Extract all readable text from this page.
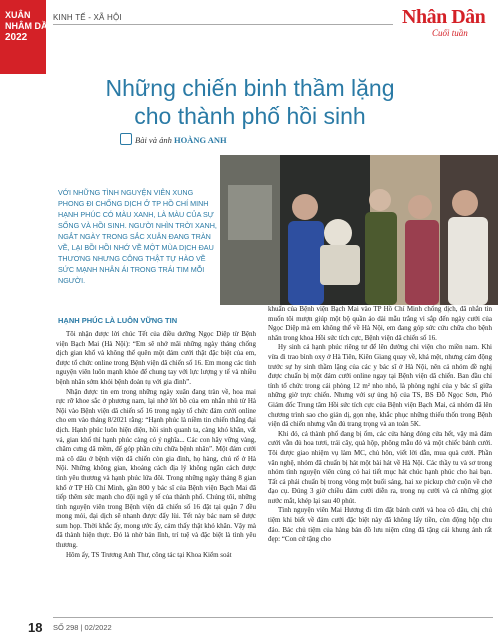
XUÂN
NHÂM DẦN
2022
KINH TẾ - XÃ HỘI	Nhân Dân
Cuối tuần
Những chiến binh thầm lặng cho thành phố hồi sinh
Bài và ảnh HOÀNG ANH
VỚI NHỮNG TÌNH NGUYỆN VIÊN XUNG PHONG ĐI CHỐNG DỊCH Ở TP HỒ CHÍ MINH HẠNH PHÚC CÓ MÀU XANH, LÀ MÀU CỦA SỰ SỐNG VÀ HỒI SINH. NGƯỜI NHÌN TRỜI XANH, NGẮT NGÀY TRONG SẮC XUÂN ĐANG TRÀN VỀ, LẠI BỒI HỒI NHỚ VỀ MỘT MÙA DỊCH ĐAU THƯƠNG NHƯNG CÔNG THẬT TỰ HÀO VỀ SỨC MẠNH NHÂN ÁI TRONG TRÁI TIM MỖI NGƯỜI.
HẠNH PHÚC LÀ LUÔN VỮNG TIN

Tôi nhận được lời chúc Tết của điều dưỡng Ngọc Diệp từ Bệnh viện Bạch Mai (Hà Nội): “Em sẽ nhớ mãi những ngày tháng chống dịch gian khổ và không thể quên một đám cưới thật đặc biệt của em, được tổ chức online trong Bệnh viện dã chiến số 16. Em mong các tình nguyện viên luôn mạnh khỏe để chung tay với lực lượng y tế và nhiều bệnh nhân sớm khỏi bệnh đoàn tụ với gia đình”.

Nhận được tin em trong những ngày xuân đang tràn về, hoa mai rực rỡ khoe sắc ở phương nam, lại nhớ lời bồ của em nhắn nhủ từ Hà Nội vào Bệnh viện dã chiến số 16 trong ngày tổ chức đám cưới online cho em vào tháng 8/2021 rằng: “Hạnh phúc là niềm tin chiến thắng đại dịch. Hạnh phúc luôn hiện diện, hồi sinh quanh ta, càng khó khăn, vất vả, gian khổ thì hạnh phúc càng có ý nghĩa... Các con hãy vững vàng, chăm cưng dã mềm, để góp phần cứu chữa bệnh nhân”. Một đám cưới mà cô dâu ở bệnh viện dã chiến còn gia đình, họ hàng, chú rể ở Hà Nội. Những không gian, khoảng cách địa lý không ngăn cách được tình yêu thương và hạnh phúc lứa đôi. Trong những ngày tháng 8 gian khổ ở TP Hồ Chí Minh, gần 800 y bác sĩ của Bệnh viện Bạch Mai đã tiếp thêm sức mạnh cho đội ngũ y tế của thành phố. Chúng tôi, những tình nguyện viên trong Bệnh viện dã chiến số 16 đặt tại quận 7 đều mong mỏi, đại dịch sẽ nhanh được đẩy lùi. Tết này bác nam sẽ được sum họp. Thời khắc ấy, mong ước ấy, cảm thấy thật khó khăn. Vậy mà đã thành hiện thực. Đó là nhờ bản lĩnh, trí tuệ và đặc biệt là tình yêu thương.

Hôm ấy, TS Trương Anh Thư, công tác tại Khoa Kiểm soát

khuẩn của Bệnh viện Bạch Mai vào TP Hồ Chí Minh chống dịch, đã nhắn tin muốn tôi mượn giúp một bộ quần áo dài mẫu trắng vì sắp đến ngày cưới của Ngọc Diệp mà em không thể về Hà Nội, em đang góp sức cứu chữa cho bệnh nhân trong khoa Hồi sức tích cực, Bệnh viện dã chiến số 16.

Hy sinh cả hạnh phúc riêng tư để lên đường chi viện cho miền nam. Khi vừa đi trao bình oxy ở Hà Tiên, Kiên Giang quay về, khá mệt, nhưng cảm động trước sự hy sinh thầm lặng của các y bác sĩ ở Hà Nội, nên cả nhóm đề nghị được chuẩn bị một đám cưới online ngay tại Bệnh viện dã chiến. Ban đầu chỉ tính tổ chức trong cái phòng 12 m² nho nhỏ, là phòng nghỉ của y bác sĩ giữa những giờ trực chiến. Nhưng với sự ủng hộ của TS, BS Đỗ Ngọc Sơn, Phó Giám đốc Trung tâm Hồi sức tích cực của Bệnh viện Bạch Mai, cả nhóm đã lên chương trình sao cho giản dị, gọn nhẹ, khắc phục những thiếu thốn trong Bệnh viện dã chiến nhưng vẫn đủ trang trọng và an toàn 5K.

Khi đó, cả thành phố đang bị ốm, các cửa hàng đóng cửa hết, vậy mà đám cưới vẫn đủ hoa tươi, trái cây, quà hộp, phông mẫu đỏ và một chiếc bánh cưới. Tôi được giao nhiệm vụ làm MC, chủ hôn, viết lời dẫn, mua quà cưới. Phần văn nghệ, nhóm đã chuẩn bị hát một bài hát về Hà Nội. Các thầy tu và sơ trong nhóm tình nguyện viên cùng có hai tiết mục hát chúc hạnh phúc cho hai bạn. Tất cả phải chuẩn bị trong vòng một buổi sáng, hai xe pickup chở cuộn về chở đạo cụ. Đúng 3 giờ chiều đám cưới diễn ra, trong nụ cười và cả những giọt nước mắt, khép lại sau 40 phút.

Tình nguyện viên Mai Hương đi tìm đặt bánh cưới và hoa cô dâu, chị chủ tiệm khi biết về đám cưới đặc biệt này đã không lấy tiền, còn động hộp chu đáo. Bác chủ tiệm của hàng bán đồ lưu niệm cũng đã tặng cái khung ảnh rất đẹp: “Con cứ tặng cho

18 SỐ 298 | 02/2022
